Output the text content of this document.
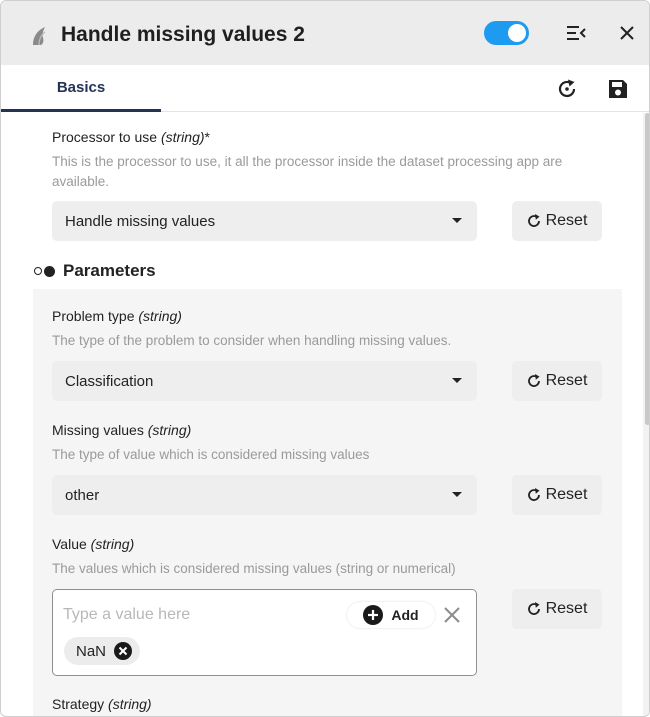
Handle missing values 2
Basics
Processor to use (string)*
This is the processor to use, it all the processor inside the dataset processing app are
available.
Handle missing values	Reset
Parameters
Problem type (string)
The type of the problem to consider when handling missing values.
Classification	Reset
Missing values (string)
The type of value which is considered missing values
other	Reset
Value (string)
The values which is considered missing values (string or numerical)
Type a value here
Add
NaN
Reset
Strategy (string)
